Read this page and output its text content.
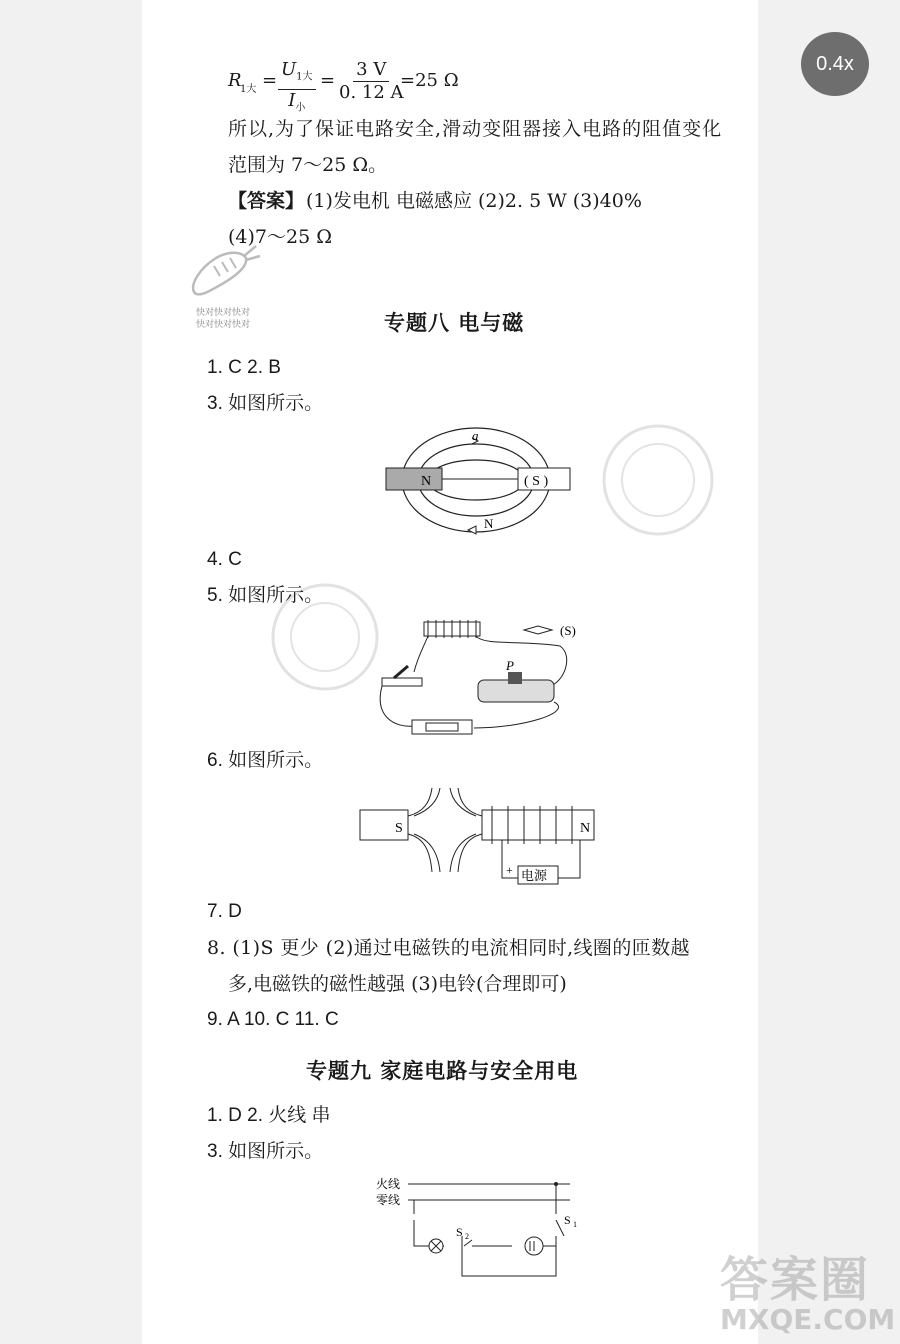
0.4x
R
1大 =
$U_{1大}$
$I_小$
= $\frac{3 V}{0. 12 A}$
=25 Ω
所以,为了保证电路安全,滑动变阻器接入电路的阻值变化
范围为 7～25 Ω。
【答案】 (1)发电机 电磁感应 (2)2. 5 W (3)40%
(4)7～25 Ω
快对快对快对
快对快对快对	专题八 电与磁
1. C 2. B
3. 如图所示。
N	( S )
a
N
4. C
5. 如图所示。
(S)
P
6. 如图所示。
S	N
电源
+
7. D
8. (1)S 更少 (2)通过电磁铁的电流相同时,线圈的匝数越
多,电磁铁的磁性越强 (3)电铃(合理即可)
9. A 10. C 11. C
专题九 家庭电路与安全用电
1. D 2. 火线 串
3. 如图所示。
火线
零线
S 1
S 2
答案圈
MXQE.COM
